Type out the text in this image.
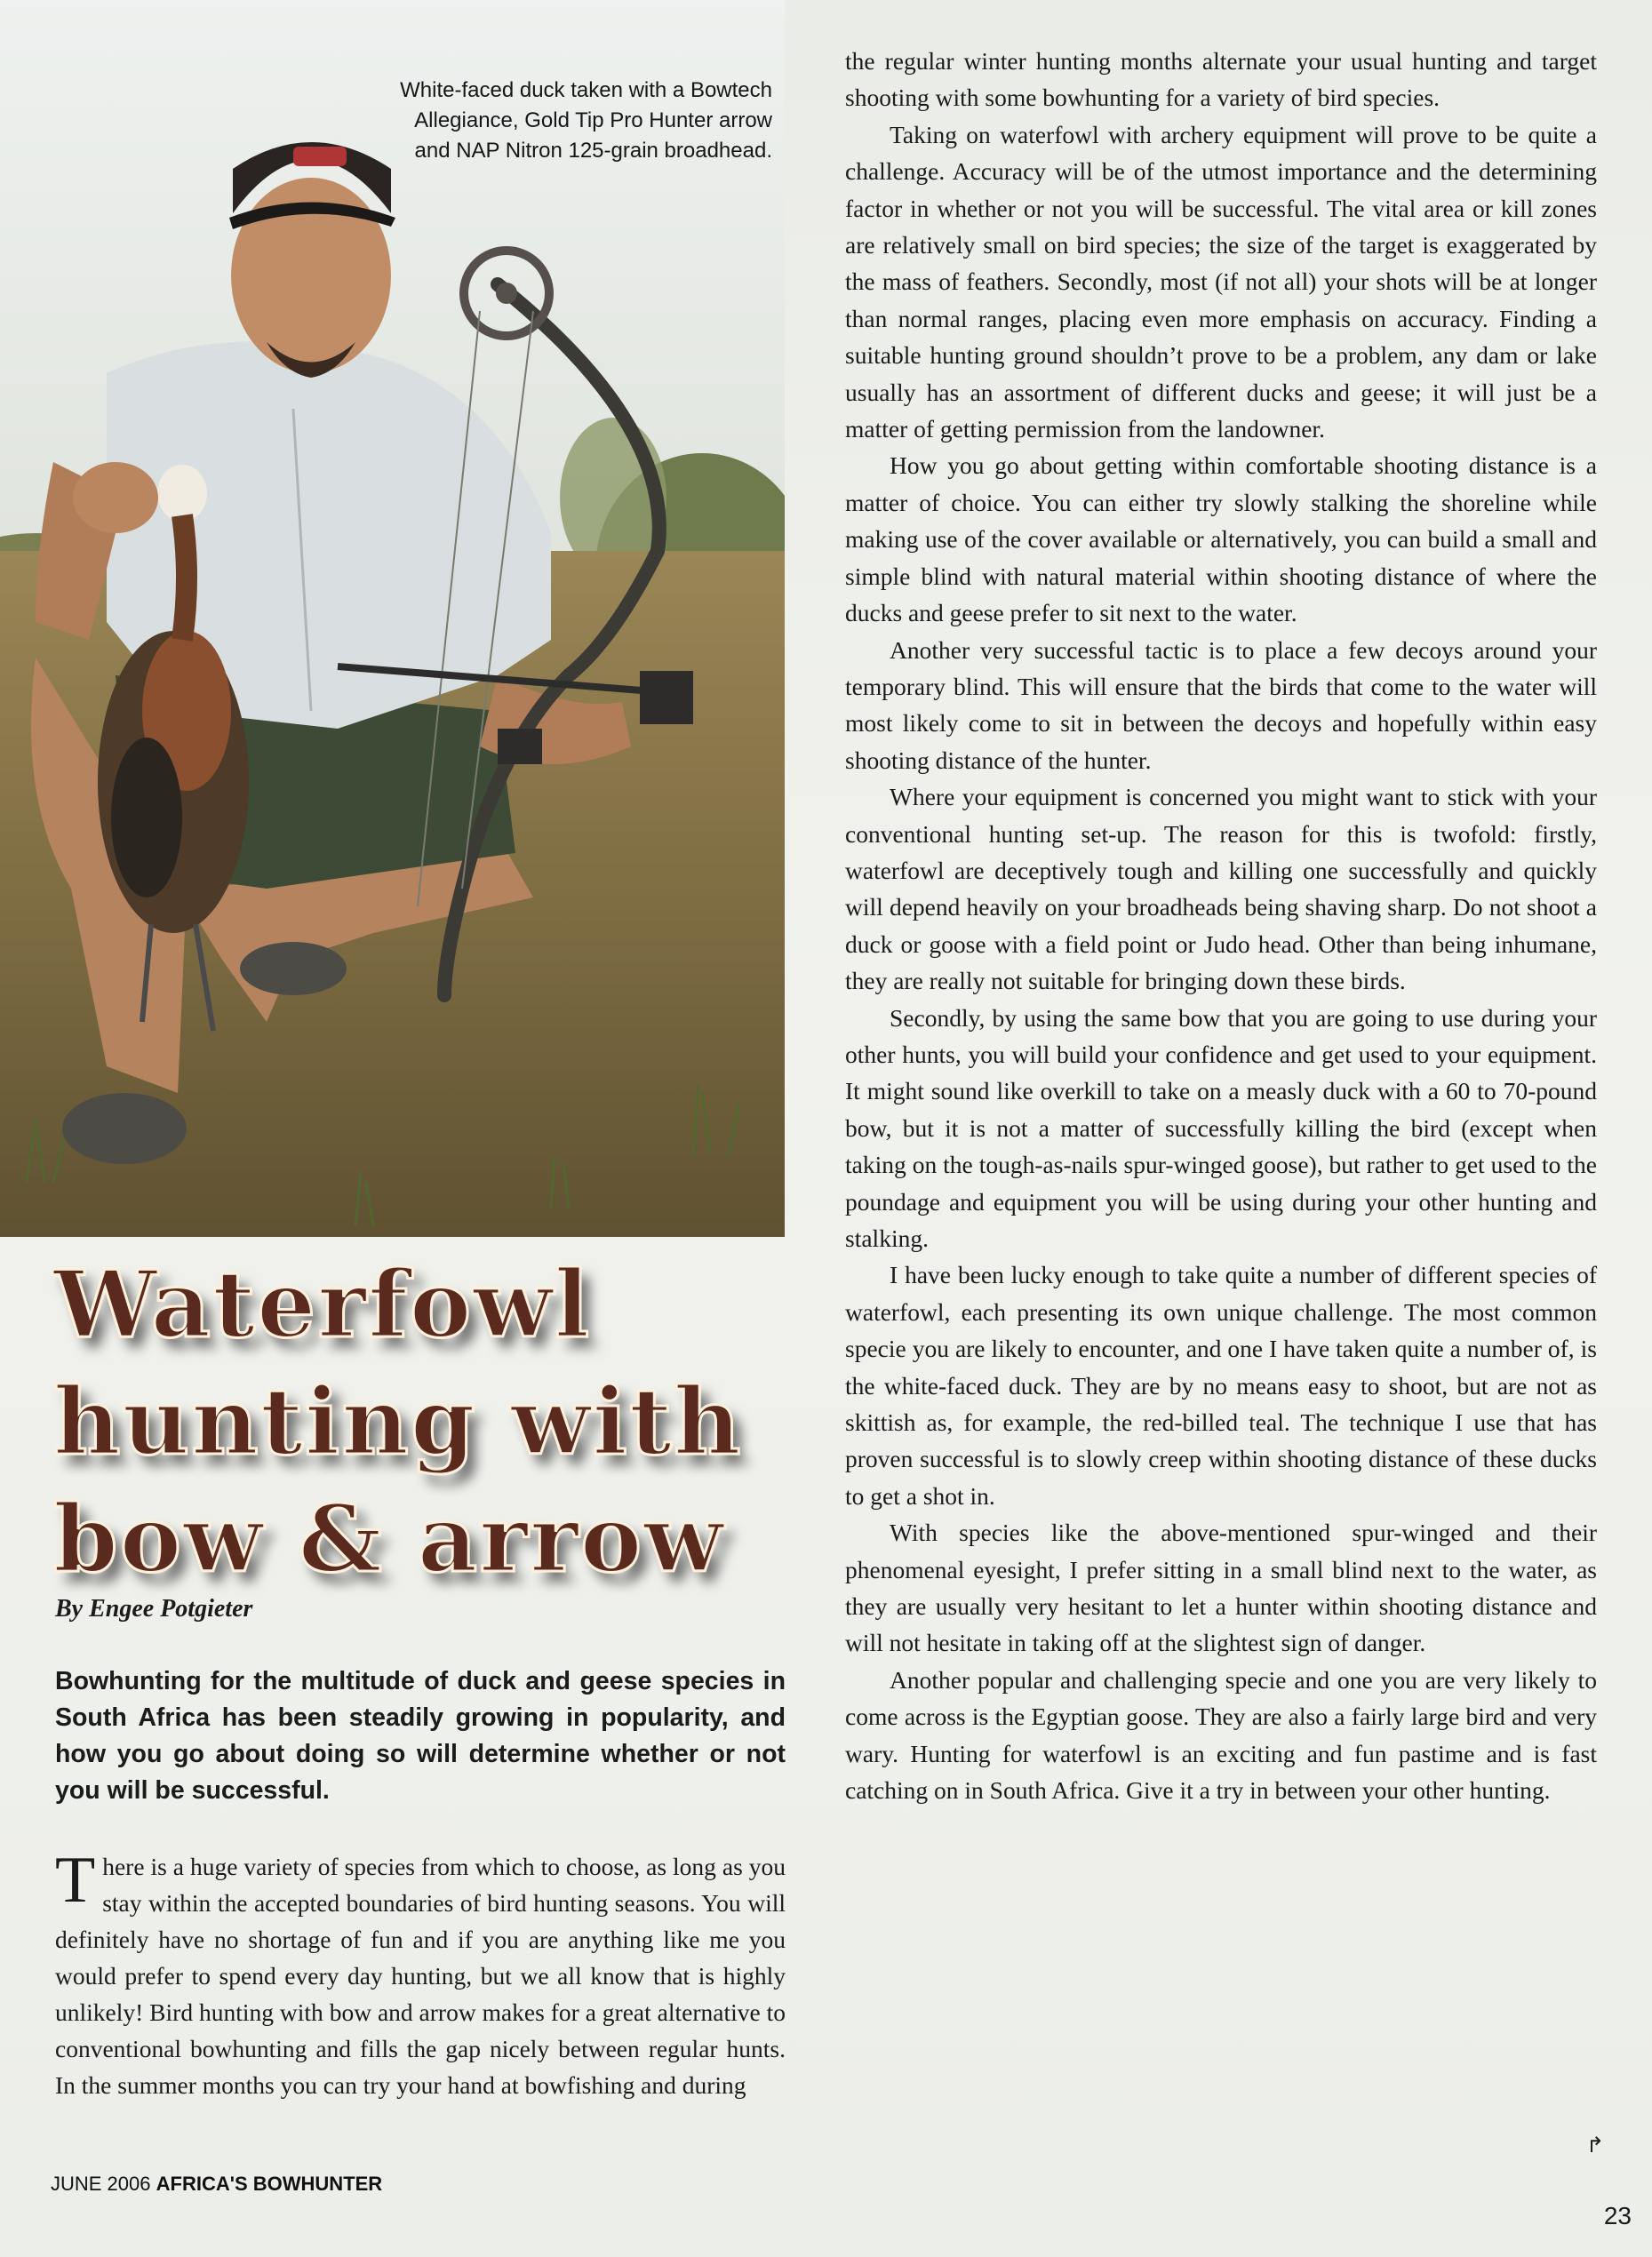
White-faced duck taken with a Bowtech Allegiance, Gold Tip Pro Hunter arrow and NAP Nitron 125-grain broadhead.
Waterfowl
hunting with
bow & arrow
By Engee Potgieter
Bowhunting for the multitude of duck and geese species in South Africa has been steadily growing in popularity, and how you go about doing so will determine whether or not you will be successful.
T here is a huge variety of species from which to choose, as long as you stay within the accepted boundaries of bird hunting seasons. You will definitely have no shortage of fun and if you are anything like me you would prefer to spend every day hunting, but we all know that is highly unlikely! Bird hunting with bow and arrow makes for a great alternative to conventional bowhunting and fills the gap nicely between regular hunts. In the summer months you can try your hand at bowfishing and during

the regular winter hunting months alternate your usual hunting and target shooting with some bowhunting for a variety of bird species.

Taking on waterfowl with archery equipment will prove to be quite a challenge. Accuracy will be of the utmost importance and the determining factor in whether or not you will be successful. The vital area or kill zones are relatively small on bird species; the size of the target is exaggerated by the mass of feathers. Secondly, most (if not all) your shots will be at longer than normal ranges, placing even more emphasis on accuracy. Finding a suitable hunting ground shouldn’t prove to be a problem, any dam or lake usually has an assortment of different ducks and geese; it will just be a matter of getting permission from the landowner.

How you go about getting within comfortable shooting distance is a matter of choice. You can either try slowly stalking the shoreline while making use of the cover available or alternatively, you can build a small and simple blind with natural material within shooting distance of where the ducks and geese prefer to sit next to the water.

Another very successful tactic is to place a few decoys around your temporary blind. This will ensure that the birds that come to the water will most likely come to sit in between the decoys and hopefully within easy shooting distance of the hunter.

Where your equipment is concerned you might want to stick with your conventional hunting set-up. The reason for this is twofold: firstly, waterfowl are deceptively tough and killing one successfully and quickly will depend heavily on your broadheads being shaving sharp. Do not shoot a duck or goose with a field point or Judo head. Other than being inhumane, they are really not suitable for bringing down these birds.

Secondly, by using the same bow that you are going to use during your other hunts, you will build your confidence and get used to your equipment. It might sound like overkill to take on a measly duck with a 60 to 70-pound bow, but it is not a matter of successfully killing the bird (except when taking on the tough-as-nails spur-winged goose), but rather to get used to the poundage and equipment you will be using during your other hunting and stalking.

I have been lucky enough to take quite a number of different species of waterfowl, each presenting its own unique challenge. The most common specie you are likely to encounter, and one I have taken quite a number of, is the white-faced duck. They are by no means easy to shoot, but are not as skittish as, for example, the red-billed teal. The technique I use that has proven successful is to slowly creep within shooting distance of these ducks to get a shot in.

With species like the above-mentioned spur-winged and their phenomenal eyesight, I prefer sitting in a small blind next to the water, as they are usually very hesitant to let a hunter within shooting distance and will not hesitate in taking off at the slightest sign of danger.

Another popular and challenging specie and one you are very likely to come across is the Egyptian goose. They are also a fairly large bird and very wary. Hunting for waterfowl is an exciting and fun pastime and is fast catching on in South Africa. Give it a try in between your other hunting.

↱
JUNE 2006 AFRICA'S BOWHUNTER
23
